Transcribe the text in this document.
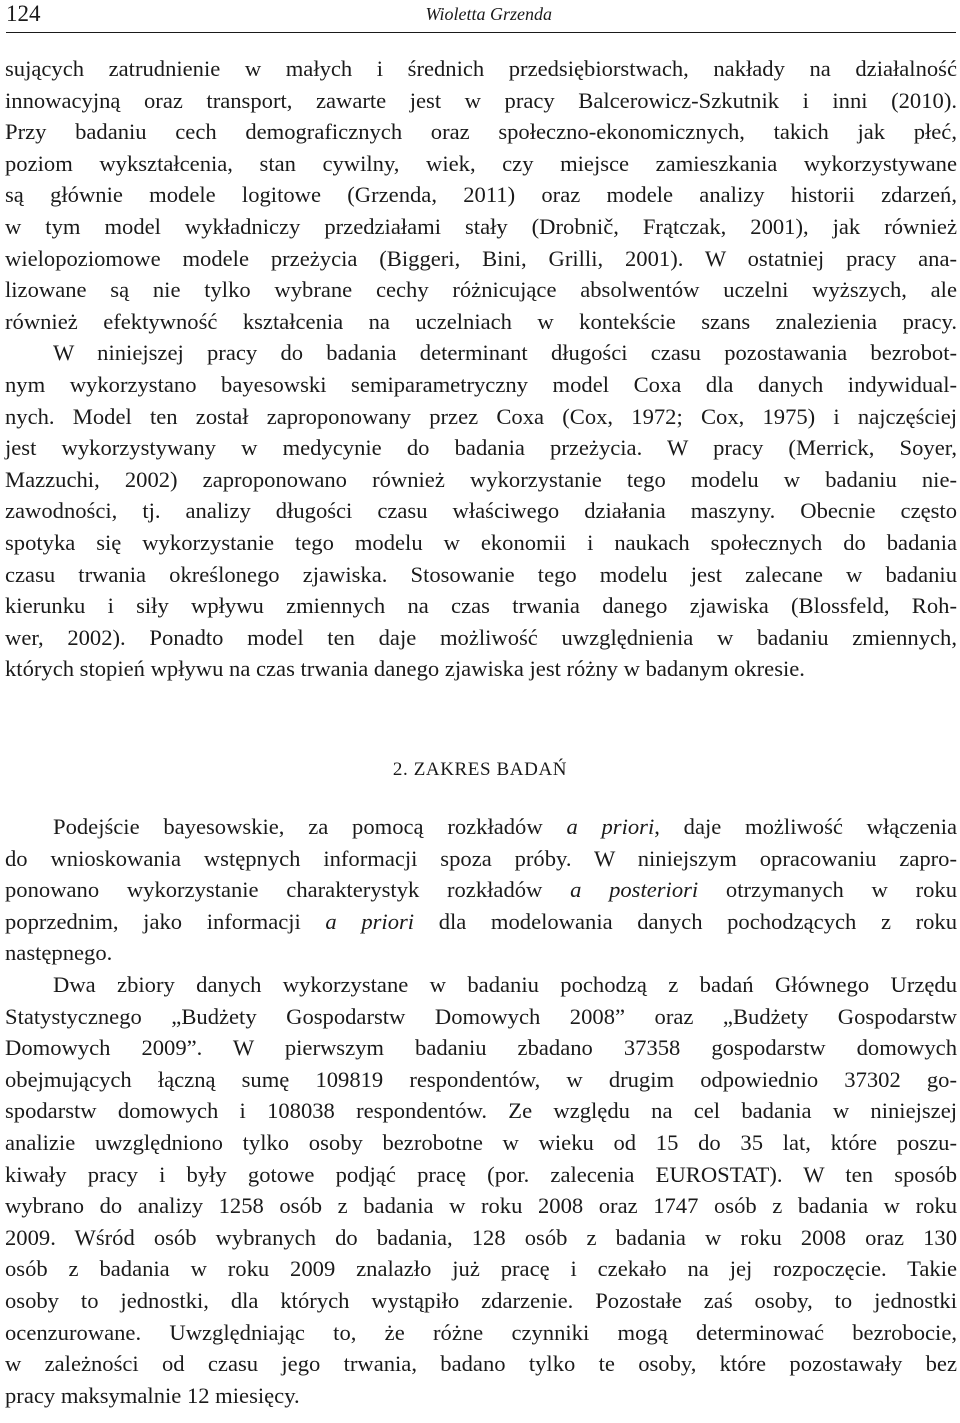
124	Wioletta Grzenda
sujących zatrudnienie w małych i średnich przedsiębiorstwach, nakłady na działalność
innowacyjną oraz transport, zawarte jest w pracy Balcerowicz-Szkutnik i inni (2010).
Przy badaniu cech demograficznych oraz społeczno-ekonomicznych, takich jak płeć,
poziom wykształcenia, stan cywilny, wiek, czy miejsce zamieszkania wykorzystywane
są głównie modele logitowe (Grzenda, 2011) oraz modele analizy historii zdarzeń,
w tym model wykładniczy przedziałami stały (Drobnič, Frątczak, 2001), jak również
wielopoziomowe modele przeżycia (Biggeri, Bini, Grilli, 2001). W ostatniej pracy ana-
lizowane są nie tylko wybrane cechy różnicujące absolwentów uczelni wyższych, ale
również efektywność kształcenia na uczelniach w kontekście szans znalezienia pracy.
W niniejszej pracy do badania determinant długości czasu pozostawania bezrobot-
nym wykorzystano bayesowski semiparametryczny model Coxa dla danych indywidual-
nych. Model ten został zaproponowany przez Coxa (Cox, 1972; Cox, 1975) i najczęściej
jest wykorzystywany w medycynie do badania przeżycia. W pracy (Merrick, Soyer,
Mazzuchi, 2002) zaproponowano również wykorzystanie tego modelu w badaniu nie-
zawodności, tj. analizy długości czasu właściwego działania maszyny. Obecnie często
spotyka się wykorzystanie tego modelu w ekonomii i naukach społecznych do badania
czasu trwania określonego zjawiska. Stosowanie tego modelu jest zalecane w badaniu
kierunku i siły wpływu zmiennych na czas trwania danego zjawiska (Blossfeld, Roh-
wer, 2002). Ponadto model ten daje możliwość uwzględnienia w badaniu zmiennych,
których stopień wpływu na czas trwania danego zjawiska jest różny w badanym okresie.
2. ZAKRES BADAŃ
Podejście bayesowskie, za pomocą rozkładów a priori, daje możliwość włączenia
do wnioskowania wstępnych informacji spoza próby. W niniejszym opracowaniu zapro-
ponowano wykorzystanie charakterystyk rozkładów a posteriori otrzymanych w roku
poprzednim, jako informacji a priori dla modelowania danych pochodzących z roku
następnego.
Dwa zbiory danych wykorzystane w badaniu pochodzą z badań Głównego Urzędu
Statystycznego „Budżety Gospodarstw Domowych 2008” oraz „Budżety Gospodarstw
Domowych 2009”. W pierwszym badaniu zbadano 37358 gospodarstw domowych
obejmujących łączną sumę 109819 respondentów, w drugim odpowiednio 37302 go-
spodarstw domowych i 108038 respondentów. Ze względu na cel badania w niniejszej
analizie uwzględniono tylko osoby bezrobotne w wieku od 15 do 35 lat, które poszu-
kiwały pracy i były gotowe podjąć pracę (por. zalecenia EUROSTAT). W ten sposób
wybrano do analizy 1258 osób z badania w roku 2008 oraz 1747 osób z badania w roku
2009. Wśród osób wybranych do badania, 128 osób z badania w roku 2008 oraz 130
osób z badania w roku 2009 znalazło już pracę i czekało na jej rozpoczęcie. Takie
osoby to jednostki, dla których wystąpiło zdarzenie. Pozostałe zaś osoby, to jednostki
ocenzurowane. Uwzględniając to, że różne czynniki mogą determinować bezrobocie,
w zależności od czasu jego trwania, badano tylko te osoby, które pozostawały bez
pracy maksymalnie 12 miesięcy.
